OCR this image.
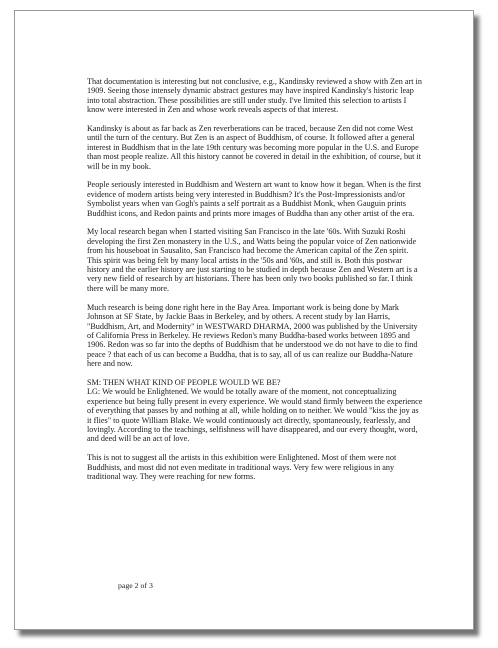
That documentation is interesting but not conclusive, e.g., Kandinsky reviewed a show with Zen art in 1909. Seeing those intensely dynamic abstract gestures may have inspired Kandinsky's historic leap into total abstraction. These possibilities are still under study. I've limited this selection to artists I know were interested in Zen and whose work reveals aspects of that interest.

Kandinsky is about as far back as Zen reverberations can be traced, because Zen did not come West until the turn of the century. But Zen is an aspect of Buddhism, of course. It followed after a general interest in Buddhism that in the late 19th century was becoming more popular in the U.S. and Europe than most people realize. All this history cannot be covered in detail in the exhibition, of course, but it will be in my book.

People seriously interested in Buddhism and Western art want to know how it began. When is the first evidence of modern artists being very interested in Buddhism? It's the Post-Impressionists and/or Symbolist years when van Gogh's paints a self portrait as a Buddhist Monk, when Gauguin prints Buddhist icons, and Redon paints and prints more images of Buddha than any other artist of the era.

My local research began when I started visiting San Francisco in the late '60s. With Suzuki Roshi developing the first Zen monastery in the U.S., and Watts being the popular voice of Zen nationwide from his houseboat in Sausalito, San Francisco had become the American capital of the Zen spirit. This spirit was being felt by many local artists in the '50s and '60s, and still is. Both this postwar history and the earlier history are just starting to be studied in depth because Zen and Western art is a very new field of research by art historians. There has been only two books published so far. I think there will be many more.

Much research is being done right here in the Bay Area. Important work is being done by Mark Johnson at SF State, by Jackie Baas in Berkeley, and by others. A recent study by Ian Harris, "Buddhism, Art, and Modernity" in WESTWARD DHARMA, 2000 was published by the University of California Press in Berkeley. He reviews Redon's many Buddha-based works between 1895 and 1906. Redon was so far into the depths of Buddhism that he understood we do not have to die to find peace ? that each of us can become a Buddha, that is to say, all of us can realize our Buddha-Nature here and now.

SM: THEN WHAT KIND OF PEOPLE WOULD WE BE?

LG: We would be Enlightened. We would be totally aware of the moment, not conceptualizing experience but being fully present in every experience. We would stand firmly between the experience of everything that passes by and nothing at all, while holding on to neither. We would "kiss the joy as it flies" to quote William Blake. We would continuously act directly, spontaneously, fearlessly, and lovingly. According to the teachings, selfishness will have disappeared, and our every thought, word, and deed will be an act of love.

This is not to suggest all the artists in this exhibition were Enlightened. Most of them were not Buddhists, and most did not even meditate in traditional ways. Very few were religious in any traditional way. They were reaching for new forms.

page 2 of 3
